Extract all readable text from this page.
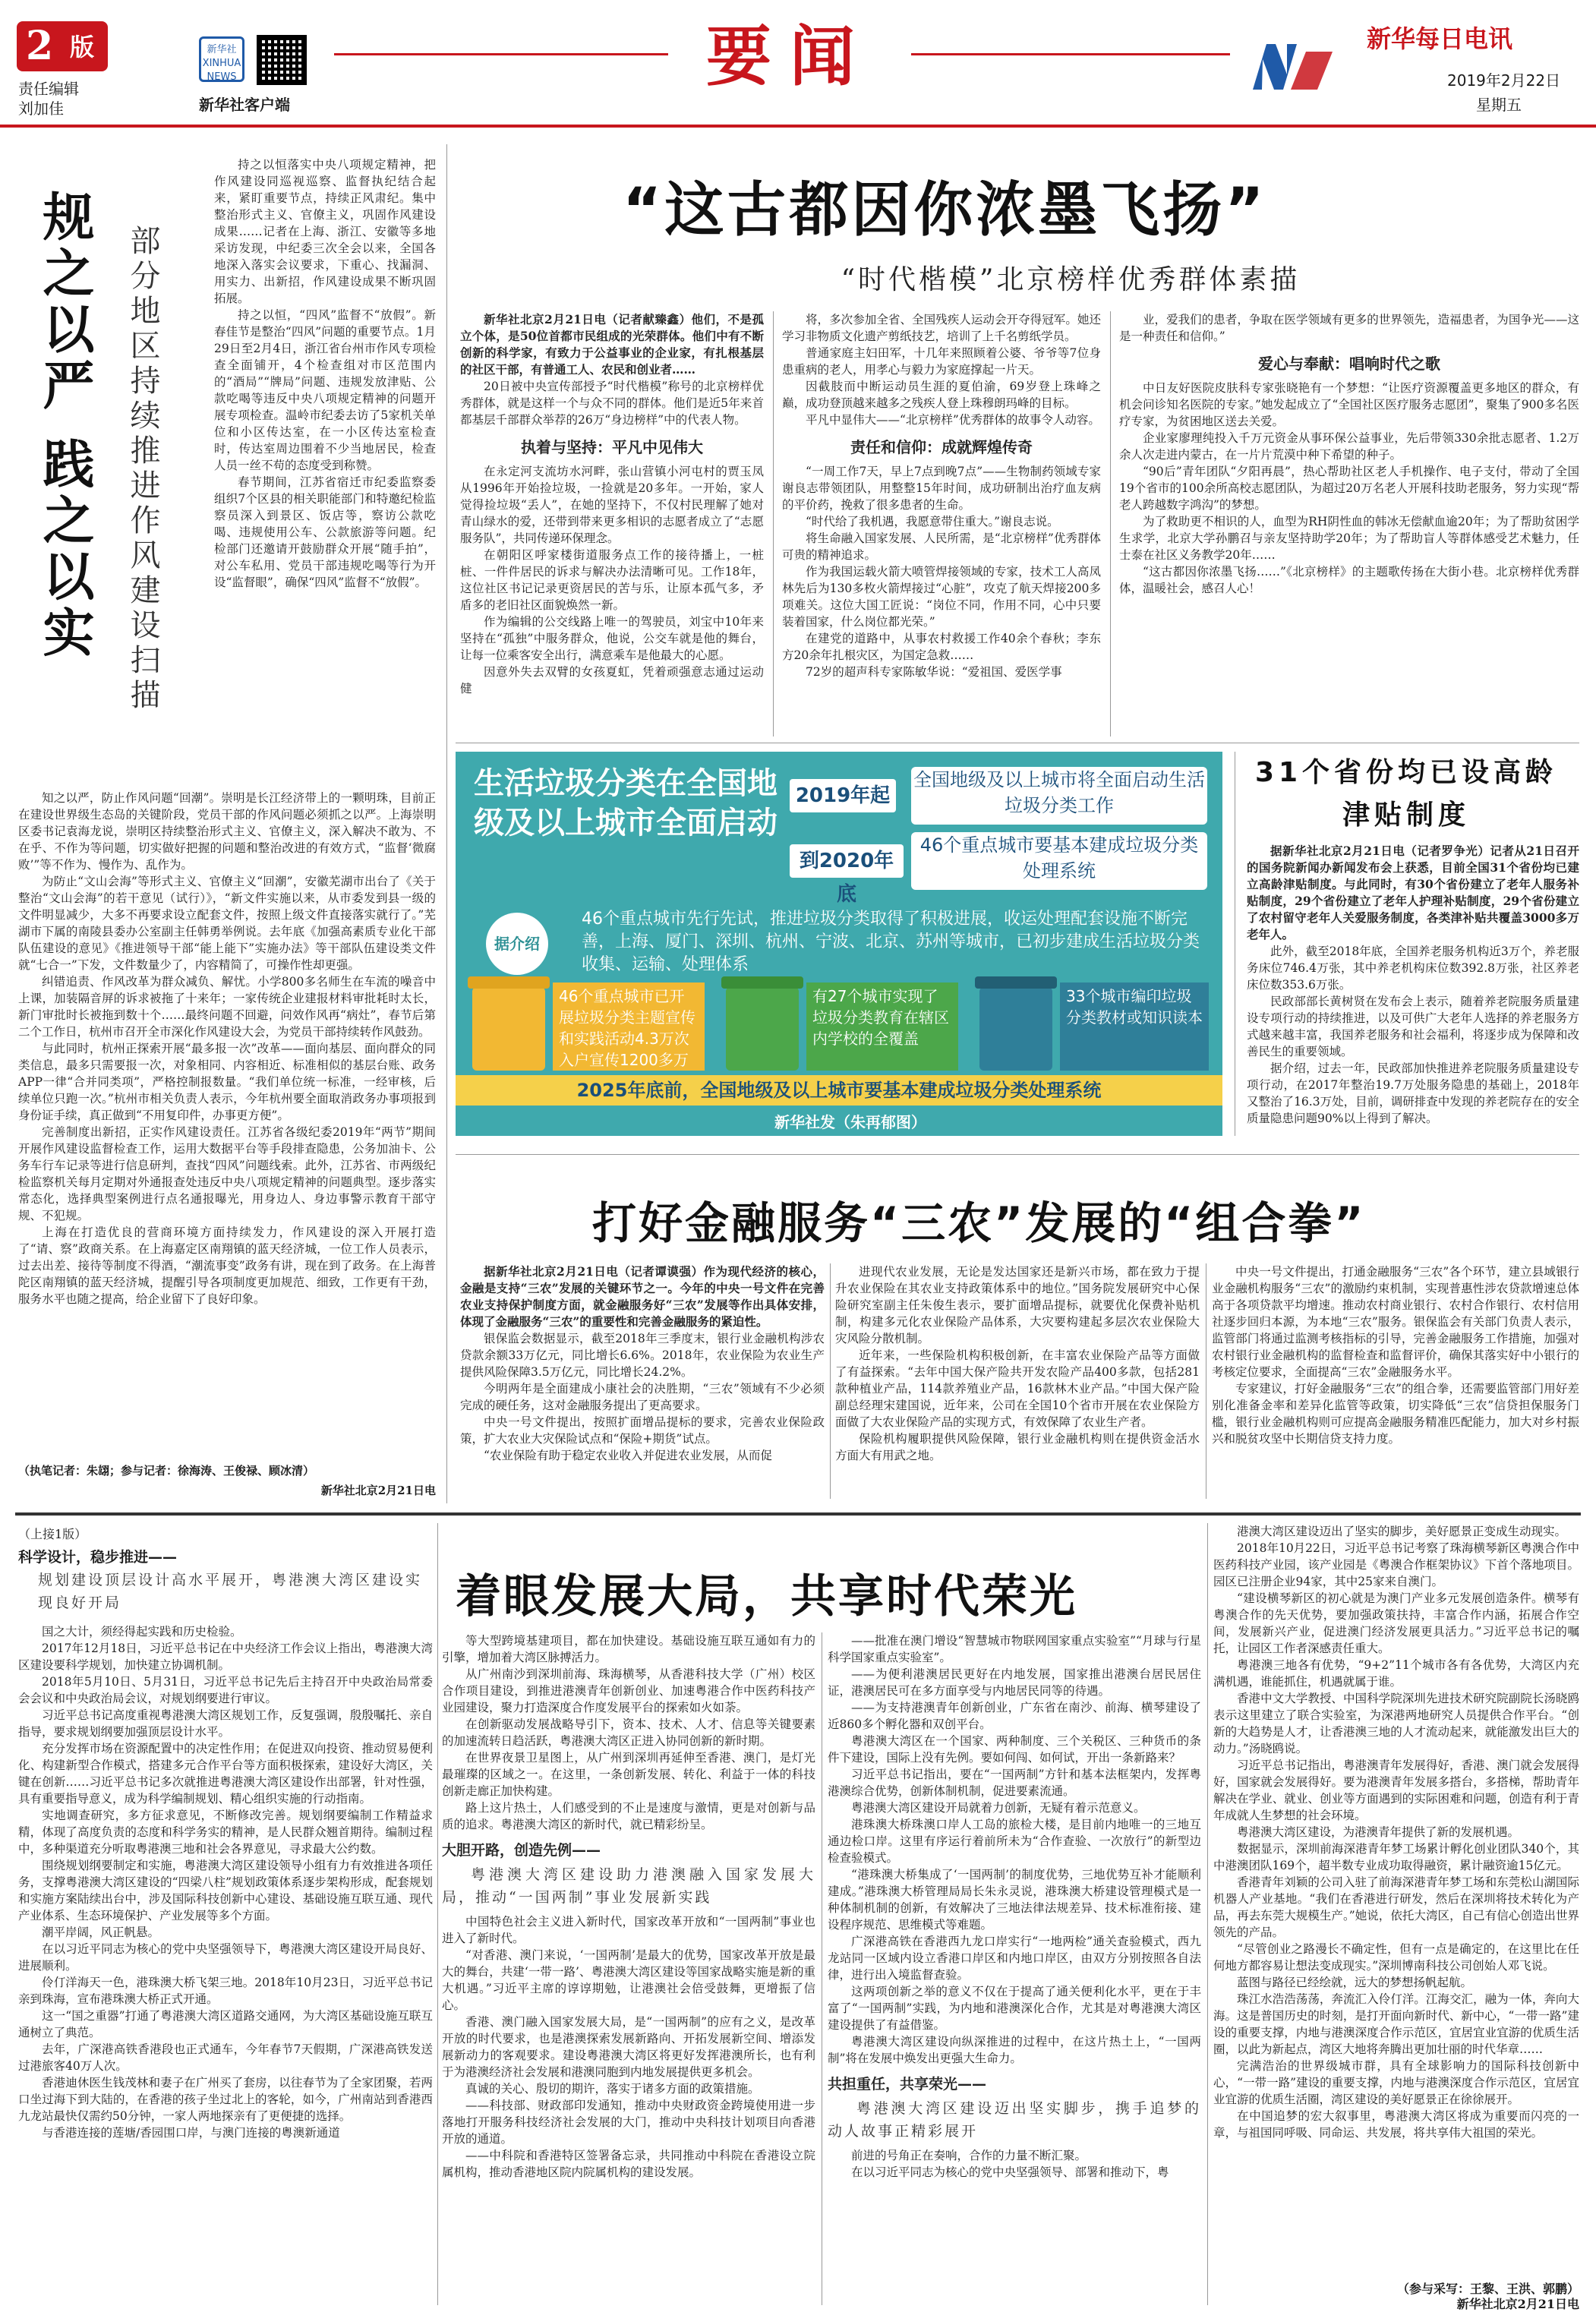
2 版
责任编辑
刘加佳
新华社 XINHUA NEWS
新华社客户端
要闻	新华每日电讯
2019年2月22日
星期五
规之以严 践之以实 部分地区持续推进作风建设扫描

持之以恒落实中央八项规定精神，把作风建设同巡视巡察、监督执纪结合起来，紧盯重要节点，持续正风肃纪。集中整治形式主义、官僚主义，巩固作风建设成果……记者在上海、浙江、安徽等多地采访发现，中纪委三次全会以来，全国各地深入落实会议要求，下重心、找漏洞、用实力、出新招，作风建设成果不断巩固拓展。

持之以恒，“四风”监督不“放假”。新春佳节是整治“四风”问题的重要节点。1月29日至2月4日，浙江省台州市作风专项检查全面铺开，4个检查组对市区范围内的“酒局”“牌局”问题、违规发放津贴、公款吃喝等违反中央八项规定精神的问题开展专项检查。温岭市纪委去访了5家机关单位和小区传达室，在一小区传达室检查时，传达室周边围着不少当地居民，检查人员一丝不苟的态度受到称赞。

春节期间，江苏省宿迁市纪委监察委组织7个区县的相关职能部门和特邀纪检监察员深入到景区、饭店等，察访公款吃喝、违规使用公车、公款旅游等问题。纪检部门还邀请开鼓励群众开展“随手拍”，对公车私用、党员干部违规吃喝等行为开设“监督眼”，确保“四风”监督不“放假”。

知之以严，防止作风问题“回潮”。崇明是长江经济带上的一颗明珠，目前正在建设世界级生态岛的关键阶段，党员干部的作风问题必须抓之以严。上海崇明区委书记袁海龙说，崇明区持续整治形式主义、官僚主义，深入解决不敢为、不在乎、不作为等问题，切实做好把握的问题和整治改进的有效方式，“监督‘微腐败’”等不作为、慢作为、乱作为。

为防止“文山会海”等形式主义、官僚主义“回潮”，安徽芜湖市出台了《关于整治“文山会海”的若干意见（试行）》，“新文件实施以来，从市委发到县一级的文件明显减少，大多不再要求设立配套文件，按照上级文件直接落实就行了。”芜湖市下属的南陵县委办公室副主任韩勇举例说。去年底《加强高素质专业化干部队伍建设的意见》《推进领导干部“能上能下”实施办法》等干部队伍建设类文件就“七合一”下发，文件数量少了，内容精简了，可操作性却更强。

纠错追责、作风改革为群众减负、解忧。小学800多名师生在车流的噪音中上课，加装隔音屏的诉求被拖了十来年；一家传统企业建报材料审批耗时太长，新门审批时长被拖到数十个……最终问题不回避，问效作风再“病灶”，春节后第二个工作日，杭州市召开全市深化作风建设大会，为党员干部持续转作风鼓劲。

与此同时，杭州正探索开展“最多报一次”改革——面向基层、面向群众的同类信息，最多只需要报一次，对象相同、内容相近、标准相似的基层台账、政务APP一律“合并同类项”，严格控制报数量。“我们单位统一标准，一经审核，后续单位只跑一次。”杭州市相关负责人表示，今年杭州要全面取消政务办事项报到身份证手续，真正做到“不用复印件，办事更方便”。

完善制度出新招，正实作风建设责任。江苏省各级纪委2019年“两节”期间开展作风建设监督检查工作，运用大数据平台等手段排查隐患，公务加油卡、公务车行车记录等进行信息研判，查找“四风”问题线索。此外，江苏省、市两级纪检监察机关每月定期对外通报查处违反中央八项规定精神的问题典型。逐步落实常态化，选择典型案例进行点名通报曝光，用身边人、身边事警示教育干部守规、不犯规。

上海在打造优良的营商环境方面持续发力，作风建设的深入开展打造了“请、察”政商关系。在上海嘉定区南翔镇的蓝天经济城，一位工作人员表示，过去出差、接待等制度不得酒，“潮流事变”政务有讲，现在到了政务。在上海普陀区南翔镇的蓝天经济城，提醒引导各项制度更加规范、细致，工作更有干劲，服务水平也随之提高，给企业留下了良好印象。

（执笔记者：朱翃；参与记者：徐海涛、王俊禄、顾冰清）
新华社北京2月21日电
“这古都因你浓墨飞扬”
“时代楷模”北京榜样优秀群体素描

新华社北京2月21日电（记者献臻鑫）他们，不是孤立个体，是50位首都市民组成的光荣群体。他们中有不断创新的科学家，有致力于公益事业的企业家，有扎根基层的社区干部，有普通工人、农民和创业者……

20日被中央宣传部授予“时代楷模”称号的北京榜样优秀群体，就是这样一个与众不同的群体。他们是近5年来首都基层千部群众举荐的26万“身边榜样”中的代表人物。

执着与坚持：平凡中见伟大

在永定河支流坊水河畔，张山营镇小河屯村的贾玉凤从1996年开始捡垃圾，一捡就是20多年。一开始，家人觉得捡垃圾“丢人”，在她的坚持下，不仅村民理解了她对青山绿水的爱，还带到带来更多相识的志愿者成立了“志愿服务队”，共同传递环保理念。

在朝阳区呼家楼街道服务点工作的接待播上，一桩桩、一件件居民的诉求与解决办法清晰可见。工作18年，这位社区书记记录更资居民的苦与乐，让原本孤气多，矛盾多的老旧社区面貌焕然一新。

作为编辑的公交线路上唯一的驾驶员，刘宝中10年来坚持在“孤独”中服务群众，他说，公交车就是他的舞台，让每一位乘客安全出行，满意乘车是他最大的心愿。

因意外失去双臂的女孩夏虹，凭着顽强意志通过运动健

将，多次参加全省、全国残疾人运动会开夺得冠军。她还学习非物质文化遗产剪纸技艺，培训了上千名剪纸学员。

普通家庭主妇田军，十几年来照顾着公婆、爷爷等7位身患重病的老人，用孝心与毅力为家庭撑起一片天。

因截肢而中断运动员生涯的夏伯渝，69岁登上珠峰之巅，成功登顶越来越多之残疾人登上珠穆朗玛峰的目标。

平凡中显伟大——“北京榜样”优秀群体的故事令人动容。

责任和信仰：成就辉煌传奇

“一周工作7天，早上7点到晚7点”——生物制药领域专家谢良志带领团队，用整整15年时间，成功研制出治疗血友病的平价药，挽救了很多患者的生命。

“时代给了我机遇，我愿意带住重大。”谢良志说。

将生命融入国家发展、人民所需，是“北京榜样”优秀群体可贵的精神追求。

作为我国运载火箭大喷管焊接领域的专家，技术工人高凤林先后为130多枚火箭焊接过“心脏”，攻克了航天焊接200多项难关。这位大国工匠说：“岗位不同，作用不同，心中只要装着国家，什么岗位都光荣。”

在建党的道路中，从事农村救援工作40余个春秋；李东方20余年扎根灾区，为国定急救……

72岁的超声科专家陈敏华说：“爱祖国、爱医学事

业，爱我们的患者，争取在医学领域有更多的世界领先，造福患者，为国争光——这是一种责任和信仰。”

爱心与奉献：唱响时代之歌

中日友好医院皮肤科专家张晓艳有一个梦想：“让医疗资源覆盖更多地区的群众，有机会问诊知名医院的专家。”她发起成立了“全国社区医疗服务志愿团”，聚集了900多名医疗专家，为贫困地区送去关爱。

企业家廖理纯投入千万元资金从事环保公益事业，先后带领330余批志愿者、1.2万余人次走进内蒙古，在一片片荒漠中种下希望的种子。

“90后”青年团队“夕阳再晨”，热心帮助社区老人手机操作、电子支付，带动了全国19个省市的100余所高校志愿团队，为超过20万名老人开展科技助老服务，努力实现“帮老人跨越数字鸿沟”的梦想。

为了救助更不相识的人，血型为RH阴性血的韩冰无偿献血逾20年；为了帮助贫困学生求学，北京大学孙鹏召与亲友坚持助学20年；为了帮助盲人等群体感受艺术魅力，任士泰在社区义务教学20年……

“这古都因你浓墨飞扬……”《北京榜样》的主题歌传扬在大街小巷。北京榜样优秀群体，温暖社会，感召人心！

生活垃圾分类在全国地级及以上城市全面启动
2019年起
全国地级及以上城市将全面启动生活垃圾分类工作
到2020年底
46个重点城市要基本建成垃圾分类处理系统
据介绍
46个重点城市先行先试，推进垃圾分类取得了积极进展，收运处理配套设施不断完善，上海、厦门、深圳、杭州、宁波、北京、苏州等城市，已初步建成生活垃圾分类收集、运输、处理体系
46个重点城市已开展垃圾分类主题宣传和实践活动4.3万次入户宣传1200多万
有27个城市实现了垃圾分类教育在辖区内学校的全覆盖
33个城市编印垃圾分类教材或知识读本
2025年底前，全国地级及以上城市要基本建成垃圾分类处理系统
新华社发（朱再郁图）
31个省份均已设高龄津贴制度

据新华社北京2月21日电（记者罗争光）记者从21日召开的国务院新闻办新闻发布会上获悉，目前全国31个省份均已建立高龄津贴制度。与此同时，有30个省份建立了老年人服务补贴制度，29个省份建立了老年人护理补贴制度，29个省份建立了农村留守老年人关爱服务制度，各类津补贴共覆盖3000多万老年人。

此外，截至2018年底，全国养老服务机构近3万个，养老服务床位746.4万张，其中养老机构床位数392.8万张，社区养老床位数353.6万张。

民政部部长黄树贤在发布会上表示，随着养老院服务质量建设专项行动的持续推进，以及可供广大老年人选择的养老服务方式越来越丰富，我国养老服务和社会福利，将逐步成为保障和改善民生的重要领域。

据介绍，过去一年，民政部加快推进养老院服务质量建设专项行动，在2017年整治19.7万处服务隐患的基础上，2018年又整治了16.3万处，目前，调研排查中发现的养老院存在的安全质量隐患问题90%以上得到了解决。

打好金融服务“三农”发展的“组合拳”

据新华社北京2月21日电（记者谭谟强）作为现代经济的核心，金融是支持“三农”发展的关键环节之一。今年的中央一号文件在完善农业支持保护制度方面，就金融服务好“三农”发展等作出具体安排，体现了金融服务“三农”的重要性和完善金融服务的紧迫性。

银保监会数据显示，截至2018年三季度末，银行业金融机构涉农贷款余额33万亿元，同比增长6.6%。2018年，农业保险为农业生产提供风险保障3.5万亿元，同比增长24.2%。

今明两年是全面建成小康社会的决胜期，“三农”领域有不少必须完成的硬任务，这对金融服务提出了更高要求。

中央一号文件提出，按照扩面增品提标的要求，完善农业保险政策，扩大农业大灾保险试点和“保险+期货”试点。

“农业保险有助于稳定农业收入并促进农业发展，从而促

进现代农业发展，无论是发达国家还是新兴市场，都在致力于提升农业保险在其农业支持政策体系中的地位。”国务院发展研究中心保险研究室副主任朱俊生表示，要扩面增品提标，就要优化保费补贴机制，构建多元化农业保险产品体系，大灾要构建起多层次农业保险大灾风险分散机制。

近年来，一些保险机构积极创新，在丰富农业保险产品等方面做了有益探索。“去年中国大保产险共开发农险产品400多款，包括281款种植业产品，114款养殖业产品，16款林木业产品。”中国大保产险副总经理宋建国说，近年来，公司在全国10个省市开展在农业保险方面做了大农业保险产品的实现方式，有效保障了农业生产者。

保险机构履职提供风险保障，银行业金融机构则在提供资金活水方面大有用武之地。

中央一号文件提出，打通金融服务“三农”各个环节，建立县域银行业金融机构服务“三农”的激励约束机制，实现普惠性涉农贷款增速总体高于各项贷款平均增速。推动农村商业银行、农村合作银行、农村信用社逐步回归本源，为本地“三农”服务。银保监会有关部门负责人表示，监管部门将通过监测考核指标的引导，完善金融服务工作措施，加强对农村银行业金融机构的监督检查和监督评价，确保其落实好中小银行的考核定位要求，全面提高“三农”金融服务水平。

专家建议，打好金融服务“三农”的组合拳，还需要监管部门用好差别化准备金率和差异化监管等政策，切实降低“三农”信贷担保服务门槛，银行业金融机构则可应提高金融服务精准匹配能力，加大对乡村振兴和脱贫攻坚中长期信贷支持力度。

（上接1版）
科学设计，稳步推进——
规划建设顶层设计高水平展开，粤港澳大湾区建设实现良好开局

国之大计，须经得起实践和历史检验。

2017年12月18日，习近平总书记在中央经济工作会议上指出，粤港澳大湾区建设要科学规划，加快建立协调机制。

2018年5月10日、5月31日，习近平总书记先后主持召开中央政治局常委会会议和中央政治局会议，对规划纲要进行审议。

习近平总书记高度重视粤港澳大湾区规划工作，反复强调，殷殷嘱托、亲自指导，要求规划纲要加强顶层设计水平。

充分发挥市场在资源配置中的决定性作用；在促进双向投资、推动贸易便利化、构建新型合作模式，搭建多元合作平台等方面积极探索，建设好大湾区，关键在创新……习近平总书记多次就推进粤港澳大湾区建设作出部署，针对性强，具有重要指导意义，成为科学编制规划、精心组织实施的行动指南。

实地调查研究，多方征求意见，不断修改完善。规划纲要编制工作精益求精，体现了高度负责的态度和科学务实的精神，是人民群众翘首期待。编制过程中，多种渠道充分听取粤港澳三地和社会各界意见，寻求最大公约数。

围绕规划纲要制定和实施，粤港澳大湾区建设领导小组有力有效推进各项任务，支撑粤港澳大湾区建设的“四梁八柱”规划政策体系逐步架构形成，配套规划和实施方案陆续出台中，涉及国际科技创新中心建设、基础设施互联互通、现代产业体系、生态环境保护、产业发展等多个方面。

潮平岸阔，风正帆悬。

在以习近平同志为核心的党中央坚强领导下，粤港澳大湾区建设开局良好、进展顺利。

伶仃洋海天一色，港珠澳大桥飞架三地。2018年10月23日，习近平总书记亲到珠海，宣布港珠澳大桥正式开通。

这一“国之重器”打通了粤港澳大湾区道路交通网，为大湾区基础设施互联互通树立了典范。

去年，广深港高铁香港段也正式通车，今年春节7天假期，广深港高铁发送过港旅客40万人次。

香港迪休医生钱茂林和妻子在广州买了套房，以往春节为了全家团聚，若两口坐过海下到大陆的，在香港的孩子坐过北上的客轮，如今，广州南站到香港西九龙站最快仅需约50分钟，一家人两地探亲有了更便捷的选择。

与香港连接的莲塘/香园围口岸，与澳门连接的粤澳新通道

着眼发展大局，共享时代荣光

等大型跨境基建项目，都在加快建设。基础设施互联互通如有力的引擎，增加着大湾区脉搏活力。

从广州南沙到深圳前海、珠海横琴，从香港科技大学（广州）校区合作项目建设，到推进港澳青年创新创业、加速粤港合作中医药科技产业园建设，聚力打造深度合作度发展平台的探索如火如荼。

在创新驱动发展战略导引下，资本、技术、人才、信息等关键要素的加速流转日趋活跃，粤港澳大湾区正进入协同创新的新时期。

在世界夜景卫星图上，从广州到深圳再延伸至香港、澳门，是灯光最璀璨的区域之一。在这里，一条创新发展、转化、利益于一体的科技创新走廊正加快构建。

路上这片热土，人们感受到的不止是速度与激情，更是对创新与品质的追求。粤港澳大湾区的新时代，就已精彩纷呈。

大胆开路，创造先例——
粤港澳大湾区建设助力港澳融入国家发展大局，推动“一国两制”事业发展新实践

中国特色社会主义进入新时代，国家改革开放和“一国两制”事业也进入了新时代。

“对香港、澳门来说，‘一国两制’是最大的优势，国家改革开放是最大的舞台，共建‘一带一路’、粤港澳大湾区建设等国家战略实施是新的重大机遇。”习近平主席的谆谆期勉，让港澳社会倍受鼓舞，更增振了信心。

香港、澳门融入国家发展大局，是“一国两制”的应有之义，是改革开放的时代要求，也是港澳探索发展新路向、开拓发展新空间、增添发展新动力的客观要求。建设粤港澳大湾区将更好发挥港澳所长，也有利于为港澳经济社会发展和港澳同胞到内地发展提供更多机会。

真诚的关心、殷切的期许，落实于诸多方面的政策措施。

——科技部、财政部印发通知，推动中央财政资金跨境使用进一步落地打开服务科技经济社会发展的大门，推动中央科技计划项目向香港开放的通道。

——中科院和香港特区签署备忘录，共同推动中科院在香港设立院属机构，推动香港地区院内院属机构的建设发展。

——批准在澳门增设“智慧城市物联网国家重点实验室”“月球与行星科学国家重点实验室”。

——为便利港澳居民更好在内地发展，国家推出港澳台居民居住证，港澳居民可在多方面享受与内地居民同等的待遇。

——为支持港澳青年创新创业，广东省在南沙、前海、横琴建设了近860多个孵化器和双创平台。

粤港澳大湾区在一个国家、两种制度、三个关税区、三种货币的条件下建设，国际上没有先例。要如何闯、如何试，开出一条新路来？

习近平总书记指出，要在“一国两制”方针和基本法框架内，发挥粤港澳综合优势，创新体制机制，促进要素流通。

粤港澳大湾区建设开局就着力创新，无疑有着示范意义。

港珠澳大桥珠澳口岸人工岛的旅检大楼，是目前内地唯一的三地互通边检口岸。这里有序运行着前所未为“合作查验、一次放行”的新型边检查验模式。

“港珠澳大桥集成了‘一国两制’的制度优势，三地优势互补才能顺利建成。”港珠澳大桥管理局局长朱永灵说，港珠澳大桥建设管理模式是一种体制机制的创新，有效解决了三地法律法规差异、技术标准衔接、建设程序规范、思维模式等难题。

广深港高铁在香港西九龙口岸实行“一地两检”通关查验模式，西九龙站同一区域内设立香港口岸区和内地口岸区，由双方分别按照各自法律，进行出入境监督查验。

这两项创新之举的意义不仅在于提高了通关便利化水平，更在于丰富了“一国两制”实践，为内地和港澳深化合作，尤其是对粤港澳大湾区建设提供了有益借鉴。

粤港澳大湾区建设向纵深推进的过程中，在这片热土上，“一国两制”将在发展中焕发出更强大生命力。

共担重任，共享荣光——
粤港澳大湾区建设迈出坚实脚步，携手追梦的动人故事正精彩展开

前进的号角正在奏响，合作的力量不断汇聚。

在以习近平同志为核心的党中央坚强领导、部署和推动下，粤

港澳大湾区建设迈出了坚实的脚步，美好愿景正变成生动现实。

2018年10月22日，习近平总书记考察了珠海横琴新区粤澳合作中医药科技产业园，该产业园是《粤澳合作框架协议》下首个落地项目。园区已注册企业94家，其中25家来自澳门。

“建设横琴新区的初心就是为澳门产业多元发展创造条件。横琴有粤澳合作的先天优势，要加强政策扶持，丰富合作内涵，拓展合作空间，发展新兴产业，促进澳门经济发展更具活力。”习近平总书记的嘱托，让园区工作者深感责任重大。

粤港澳三地各有优势，“9+2”11个城市各有各优势，大湾区内充满机遇，谁能抓住，机遇就属于谁。

香港中文大学教授、中国科学院深圳先进技术研究院副院长汤晓鸥表示这里建立了联合实验室，为深港两地研究人员提供合作平台。“创新的大趋势是人才，让香港澳三地的人才流动起来，就能激发出巨大的动力。”汤晓鸥说。

习近平总书记指出，粤港澳青年发展得好，香港、澳门就会发展得好，国家就会发展得好。要为港澳青年发展多搭台，多搭梯，帮助青年解决在学业、就业、创业等方面遇到的实际困难和问题，创造有利于青年成就人生梦想的社会环境。

粤港澳大湾区建设，为港澳青年提供了新的发展机遇。

数据显示，深圳前海深港青年梦工场累计孵化创业团队340个，其中港澳团队169个，超半数专业成功取得融资，累计融资逾15亿元。

香港青年刘颖的公司入驻了前海深港青年梦工场和东莞松山湖国际机器人产业基地。“我们在香港进行研发，然后在深圳将技术转化为产品，再去东莞大规模生产。”她说，依托大湾区，自己有信心创造出世界领先的产品。

“尽管创业之路漫长不确定性，但有一点是确定的，在这里比在任何地方都容易让想法变成现实。”深圳博南科技公司创始人邓飞说。

蓝图与路径已经绘就，远大的梦想扬帆起航。

珠江水浩浩荡荡，奔流汇入伶仃洋。江海交汇，融为一体，奔向大海。这是普国历史的时刻，是打开面向新时代、新中心，“一带一路”建设的重要支撑，内地与港澳深度合作示范区，宜居宜业宜游的优质生活圈，以此为新起点，湾区大地将奔腾出更加壮丽的时代华章……

完满浩治的世界级城市群，具有全球影响力的国际科技创新中心，“一带一路”建设的重要支撑，内地与港澳深度合作示范区，宜居宜业宜游的优质生活圈，湾区建设的美好愿景正在徐徐展开。

在中国追梦的宏大叙事里，粤港澳大湾区将成为重要而闪亮的一章，与祖国同呼吸、同命运、共发展，将共享伟大祖国的荣光。

（参与采写：王黎、王洪、郭鹏）
新华社北京2月21日电
